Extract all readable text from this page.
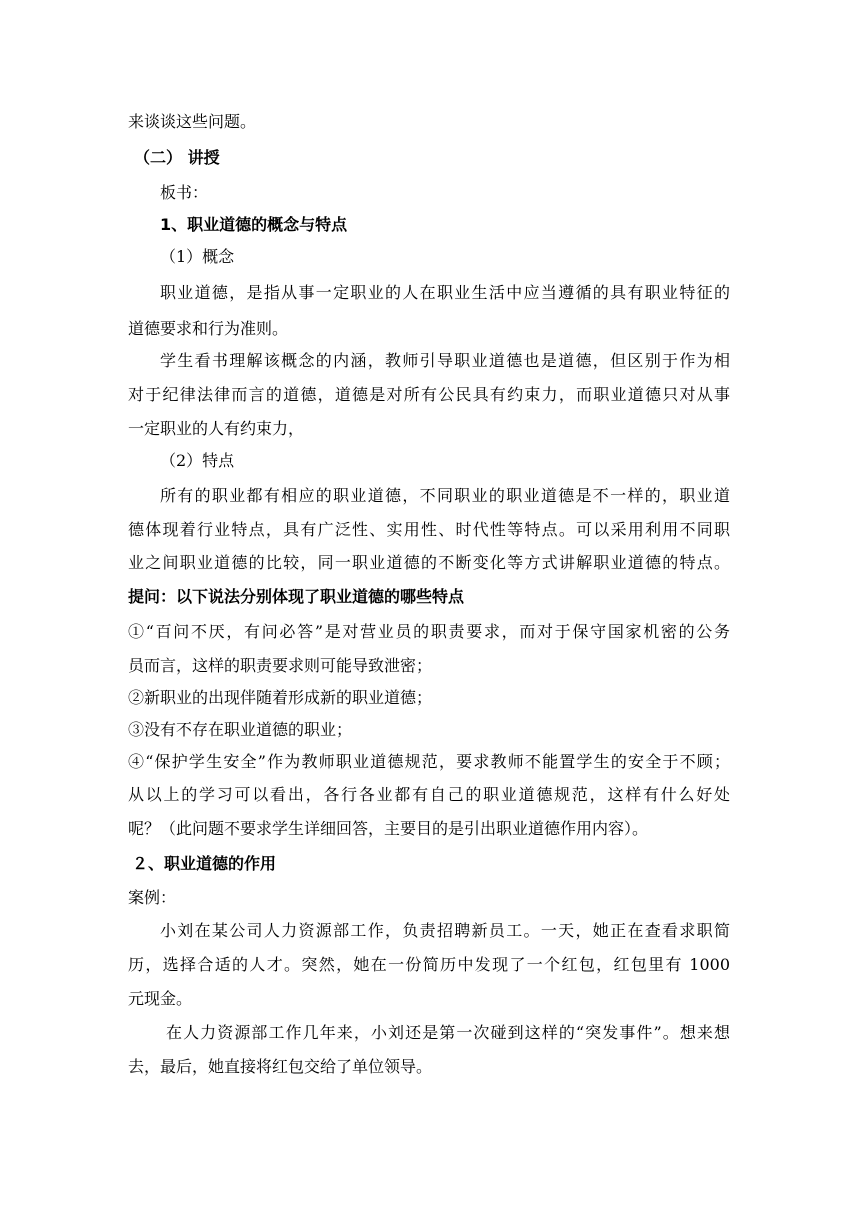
来谈谈这些问题。
（二） 讲授
板书：
1、职业道德的概念与特点
（1）概念
职业道德，是指从事一定职业的人在职业生活中应当遵循的具有职业特征的
道德要求和行为准则。
学生看书理解该概念的内涵，教师引导职业道德也是道德，但区别于作为相
对于纪律法律而言的道德，道德是对所有公民具有约束力，而职业道德只对从事
一定职业的人有约束力，
（2）特点
所有的职业都有相应的职业道德，不同职业的职业道德是不一样的，职业道
德体现着行业特点，具有广泛性、实用性、时代性等特点。可以采用利用不同职
业之间职业道德的比较，同一职业道德的不断变化等方式讲解职业道德的特点。
提问：以下说法分别体现了职业道德的哪些特点
①“百问不厌，有问必答”是对营业员的职责要求，而对于保守国家机密的公务
员而言，这样的职责要求则可能导致泄密；
②新职业的出现伴随着形成新的职业道德；
③没有不存在职业道德的职业；
④“保护学生安全”作为教师职业道德规范，要求教师不能置学生的安全于不顾；
从以上的学习可以看出，各行各业都有自己的职业道德规范，这样有什么好处
呢？（此问题不要求学生详细回答，主要目的是引出职业道德作用内容）。
２、职业道德的作用
案例：
小刘在某公司人力资源部工作，负责招聘新员工。一天，她正在查看求职简
历，选择合适的人才。突然，她在一份简历中发现了一个红包，红包里有 1000
元现金。
在人力资源部工作几年来，小刘还是第一次碰到这样的“突发事件”。想来想
去，最后，她直接将红包交给了单位领导。
